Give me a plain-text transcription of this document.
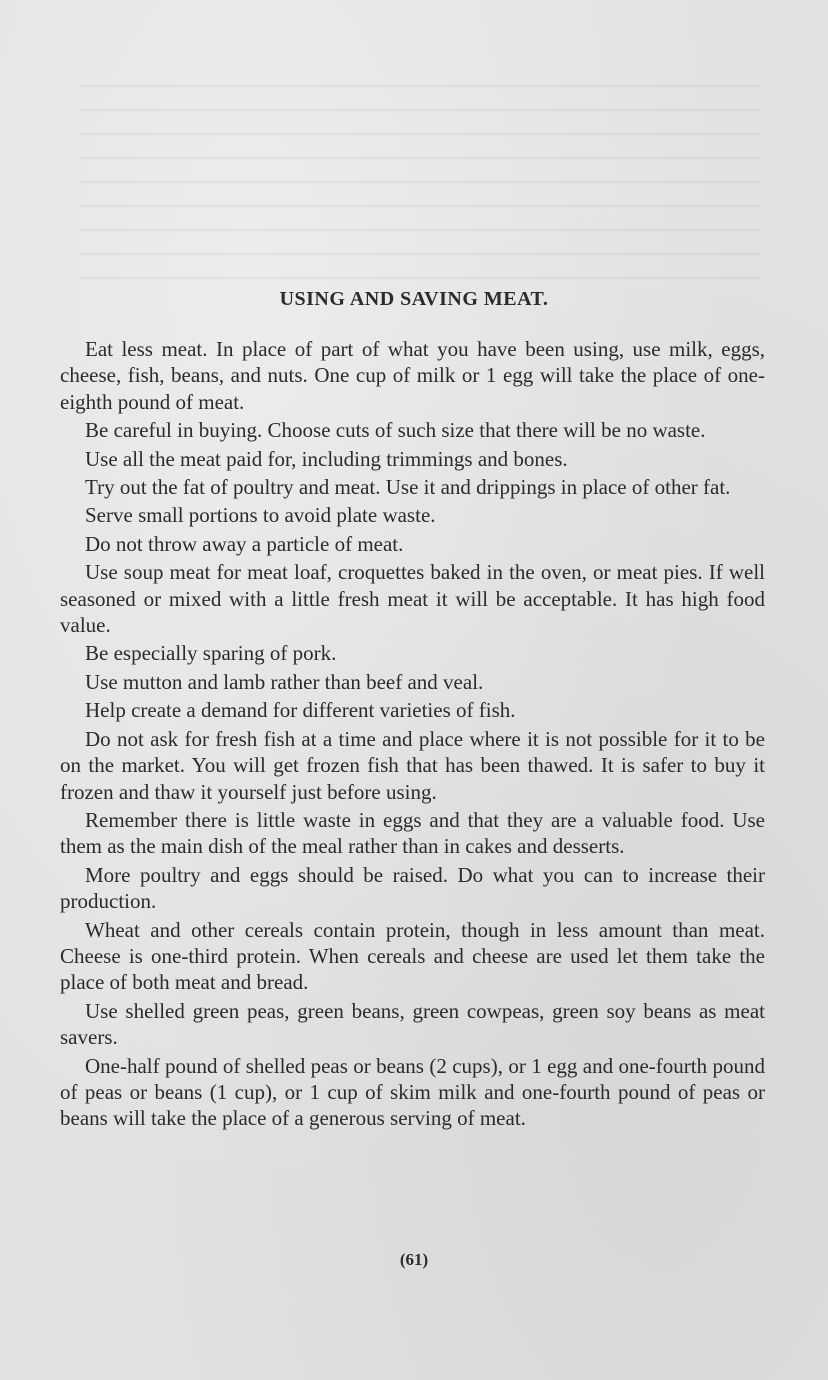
USING AND SAVING MEAT.

Eat less meat. In place of part of what you have been using, use milk, eggs, cheese, fish, beans, and nuts. One cup of milk or 1 egg will take the place of one-eighth pound of meat.

Be careful in buying. Choose cuts of such size that there will be no waste.

Use all the meat paid for, including trimmings and bones.

Try out the fat of poultry and meat. Use it and drippings in place of other fat.

Serve small portions to avoid plate waste.

Do not throw away a particle of meat.

Use soup meat for meat loaf, croquettes baked in the oven, or meat pies. If well seasoned or mixed with a little fresh meat it will be acceptable. It has high food value.

Be especially sparing of pork.

Use mutton and lamb rather than beef and veal.

Help create a demand for different varieties of fish.

Do not ask for fresh fish at a time and place where it is not possible for it to be on the market. You will get frozen fish that has been thawed. It is safer to buy it frozen and thaw it yourself just before using.

Remember there is little waste in eggs and that they are a valuable food. Use them as the main dish of the meal rather than in cakes and desserts.

More poultry and eggs should be raised. Do what you can to increase their production.

Wheat and other cereals contain protein, though in less amount than meat. Cheese is one-third protein. When cereals and cheese are used let them take the place of both meat and bread.

Use shelled green peas, green beans, green cowpeas, green soy beans as meat savers.

One-half pound of shelled peas or beans (2 cups), or 1 egg and one-fourth pound of peas or beans (1 cup), or 1 cup of skim milk and one-fourth pound of peas or beans will take the place of a generous serving of meat.

(61)
